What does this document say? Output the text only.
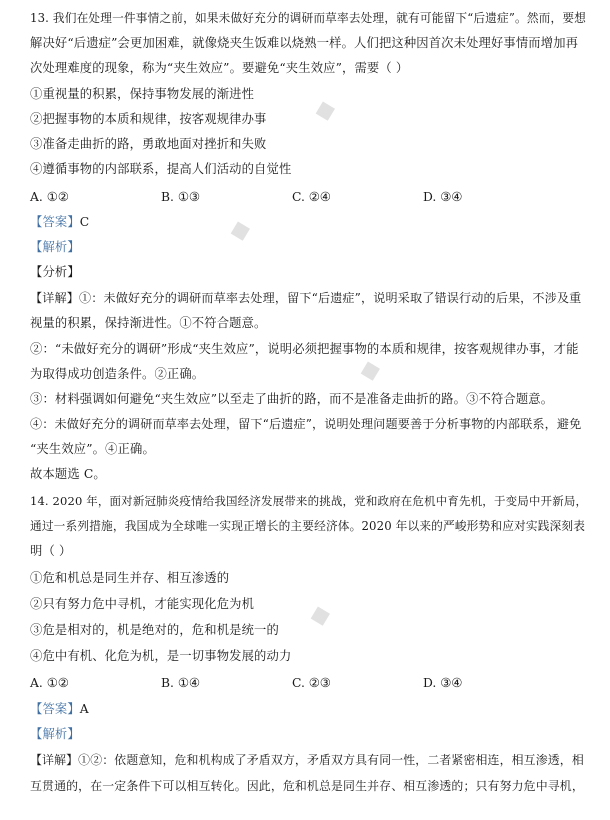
◆
◆
◆
◆
13. 我们在处理一件事情之前，如果未做好充分的调研而草率去处理，就有可能留下“后遗症”。然而，要想
解决好“后遗症”会更加困难，就像烧夹生饭难以烧熟一样。人们把这种因首次未处理好事情而增加再
次处理难度的现象，称为“夹生效应”。要避免“夹生效应”，需要（ ）
①重视量的积累，保持事物发展的渐进性
②把握事物的本质和规律，按客观规律办事
③准备走曲折的路，勇敢地面对挫折和失败
④遵循事物的内部联系，提高人们活动的自觉性
A. ①②	B. ①③	C. ②④	D. ③④
【答案】C
【解析】
【分析】
【详解】①：未做好充分的调研而草率去处理，留下“后遗症”，说明采取了错误行动的后果，不涉及重
视量的积累，保持渐进性。①不符合题意。
②：“未做好充分的调研”形成“夹生效应”，说明必须把握事物的本质和规律，按客观规律办事，才能
为取得成功创造条件。②正确。
③：材料强调如何避免“夹生效应”以至走了曲折的路，而不是准备走曲折的路。③不符合题意。
④：未做好充分的调研而草率去处理，留下“后遗症”，说明处理问题要善于分析事物的内部联系，避免
“夹生效应”。④正确。
故本题选 C。
14. 2020 年，面对新冠肺炎疫情给我国经济发展带来的挑战，党和政府在危机中育先机，于变局中开新局，
通过一系列措施，我国成为全球唯一实现正增长的主要经济体。2020 年以来的严峻形势和应对实践深刻表
明（ ）
①危和机总是同生并存、相互渗透的
②只有努力危中寻机，才能实现化危为机
③危是相对的，机是绝对的，危和机是统一的
④危中有机、化危为机，是一切事物发展的动力
A. ①②	B. ①④	C. ②③	D. ③④
【答案】A
【解析】
【详解】①②：依题意知，危和机构成了矛盾双方，矛盾双方具有同一性，二者紧密相连，相互渗透，相
互贯通的，在一定条件下可以相互转化。因此，危和机总是同生并存、相互渗透的；只有努力危中寻机，
